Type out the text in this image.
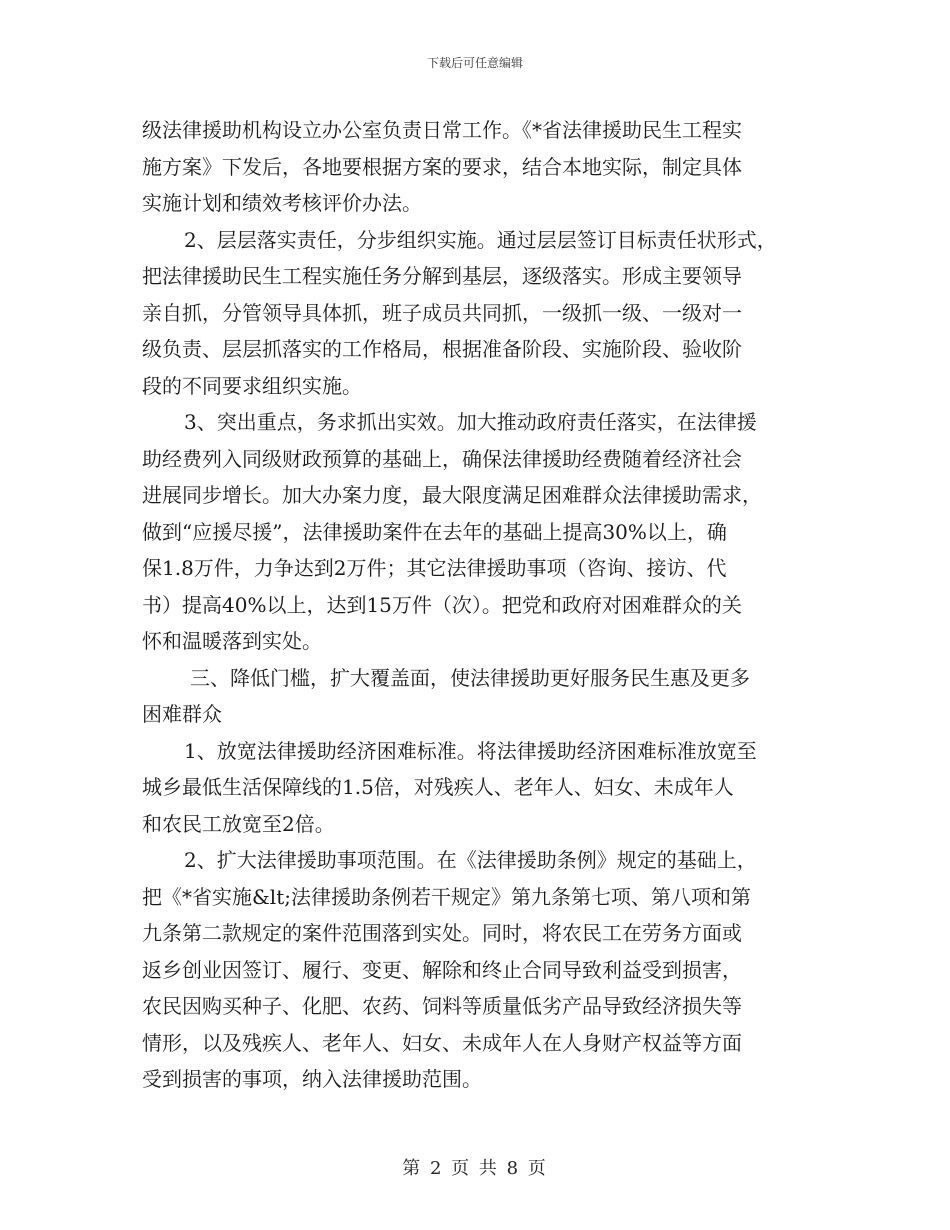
下载后可任意编辑

级法律援助机构设立办公室负责日常工作。《*省法律援助民生工程实

施方案》下发后，各地要根据方案的要求，结合本地实际，制定具体

实施计划和绩效考核评价办法。

2、层层落实责任，分步组织实施。通过层层签订目标责任状形式，

把法律援助民生工程实施任务分解到基层，逐级落实。形成主要领导

亲自抓，分管领导具体抓，班子成员共同抓，一级抓一级、一级对一

级负责、层层抓落实的工作格局，根据准备阶段、实施阶段、验收阶

段的不同要求组织实施。

3、突出重点，务求抓出实效。加大推动政府责任落实，在法律援

助经费列入同级财政预算的基础上，确保法律援助经费随着经济社会

进展同步增长。加大办案力度，最大限度满足困难群众法律援助需求，

做到“应援尽援”，法律援助案件在去年的基础上提高30%以上，确

保1.8万件，力争达到2万件；其它法律援助事项（咨询、接访、代

书）提高40%以上，达到15万件（次）。把党和政府对困难群众的关

怀和温暖落到实处。

三、降低门槛，扩大覆盖面，使法律援助更好服务民生惠及更多

困难群众

1、放宽法律援助经济困难标准。将法律援助经济困难标准放宽至

城乡最低生活保障线的1.5倍，对残疾人、老年人、妇女、未成年人

和农民工放宽至2倍。

2、扩大法律援助事项范围。在《法律援助条例》规定的基础上，

把《*省实施&lt;法律援助条例若干规定》第九条第七项、第八项和第

九条第二款规定的案件范围落到实处。同时，将农民工在劳务方面或

返乡创业因签订、履行、变更、解除和终止合同导致利益受到损害，

农民因购买种子、化肥、农药、饲料等质量低劣产品导致经济损失等

情形，以及残疾人、老年人、妇女、未成年人在人身财产权益等方面

受到损害的事项，纳入法律援助范围。

第 2 页 共 8 页
